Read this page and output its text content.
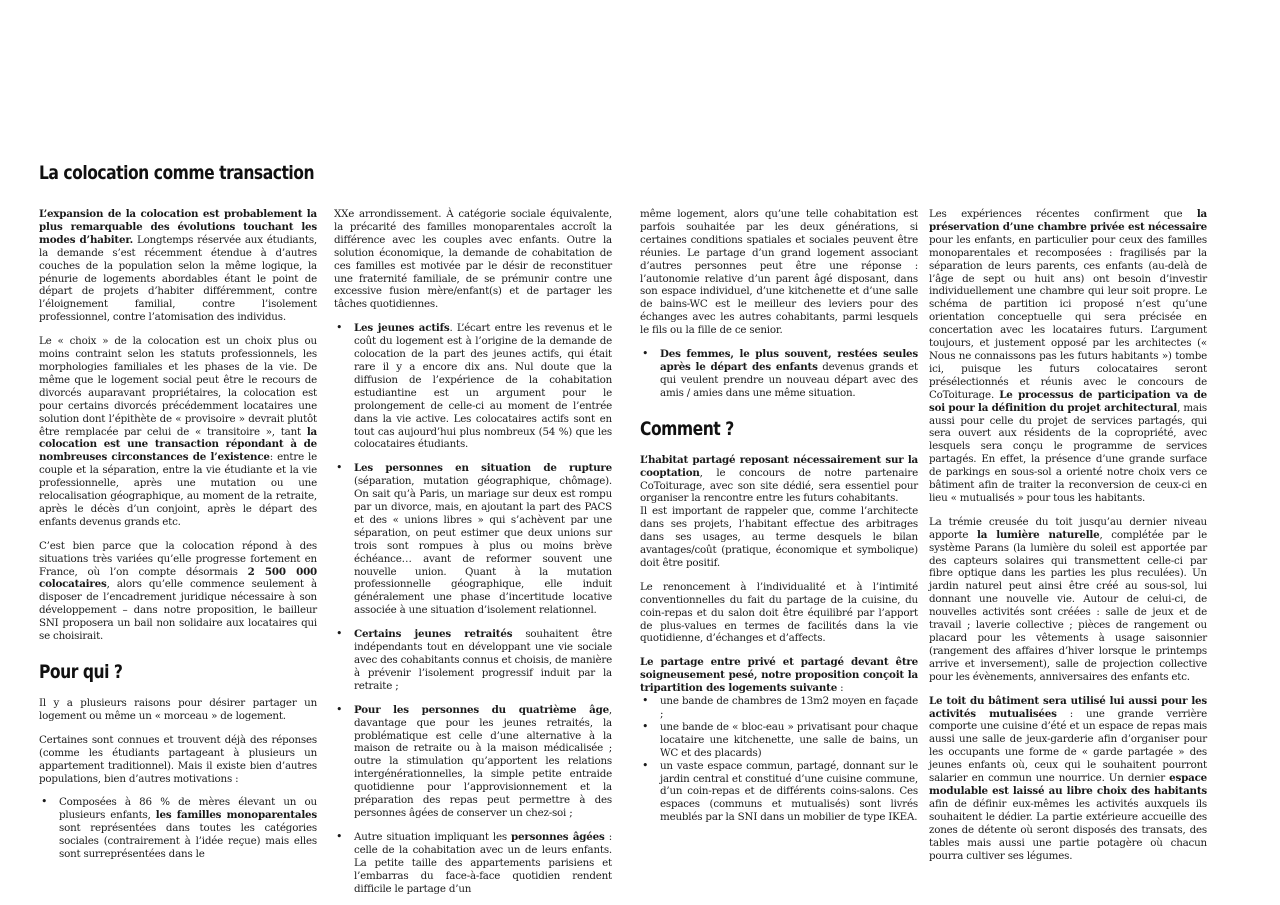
La colocation comme transaction

L’expansion de la colocation est probablement la plus remarquable des évolutions touchant les modes d’habiter. Longtemps réservée aux étudiants, la demande s’est récemment étendue à d’autres couches de la population selon la même logique, la pénurie de logements abordables étant le point de départ de projets d’habiter différemment, contre l’éloignement familial, contre l’isolement professionnel, contre l’atomisation des individus.

Le « choix » de la colocation est un choix plus ou moins contraint selon les statuts professionnels, les morphologies familiales et les phases de la vie. De même que le logement social peut être le recours de divorcés auparavant propriétaires, la colocation est pour certains divorcés précédemment locataires une solution dont l’épithète de « provisoire » devrait plutôt être remplacée par celui de « transitoire », tant la colocation est une transaction répondant à de nombreuses circonstances de l’existence: entre le couple et la séparation, entre la vie étudiante et la vie professionnelle, après une mutation ou une relocalisation géographique, au moment de la retraite, après le décès d’un conjoint, après le départ des enfants devenus grands etc.

C’est bien parce que la colocation répond à des situations très variées qu’elle progresse fortement en France, où l’on compte désormais 2 500 000 colocataires, alors qu’elle commence seulement à disposer de l’encadrement juridique nécessaire à son développement – dans notre proposition, le bailleur SNI proposera un bail non solidaire aux locataires qui se choisirait.

Pour qui ?

Il y a plusieurs raisons pour désirer partager un logement ou même un « morceau » de logement.

Certaines sont connues et trouvent déjà des réponses (comme les étudiants partageant à plusieurs un appartement traditionnel). Mais il existe bien d’autres populations, bien d’autres motivations :

• Composées à 86 % de mères élevant un ou plusieurs enfants, les familles monoparentales sont représentées dans toutes les catégories sociales (contrairement à l’idée reçue) mais elles sont surreprésentées dans le

XXe arrondissement. À catégorie sociale équivalente, la précarité des familles monoparentales accroît la différence avec les couples avec enfants. Outre la solution économique, la demande de cohabitation de ces familles est motivée par le désir de reconstituer une fraternité familiale, de se prémunir contre une excessive fusion mère/enfant(s) et de partager les tâches quotidiennes.

• Les jeunes actifs. L’écart entre les revenus et le coût du logement est à l’origine de la demande de colocation de la part des jeunes actifs, qui était rare il y a encore dix ans. Nul doute que la diffusion de l’expérience de la cohabitation estudiantine est un argument pour le prolongement de celle-ci au moment de l’entrée dans la vie active. Les colocataires actifs sont en tout cas aujourd’hui plus nombreux (54 %) que les colocataires étudiants.
• Les personnes en situation de rupture (séparation, mutation géographique, chômage). On sait qu’à Paris, un mariage sur deux est rompu par un divorce, mais, en ajoutant la part des PACS et des « unions libres » qui s’achèvent par une séparation, on peut estimer que deux unions sur trois sont rompues à plus ou moins brève échéance… avant de reformer souvent une nouvelle union. Quant à la mutation professionnelle géographique, elle induit généralement une phase d’incertitude locative associée à une situation d’isolement relationnel.
• Certains jeunes retraités souhaitent être indépendants tout en développant une vie sociale avec des cohabitants connus et choisis, de manière à prévenir l’isolement progressif induit par la retraite ;
• Pour les personnes du quatrième âge, davantage que pour les jeunes retraités, la problématique est celle d’une alternative à la maison de retraite ou à la maison médicalisée ; outre la stimulation qu’apportent les relations intergénérationnelles, la simple petite entraide quotidienne pour l’approvisionnement et la préparation des repas peut permettre à des personnes âgées de conserver un chez-soi ;
• Autre situation impliquant les personnes âgées : celle de la cohabitation avec un de leurs enfants. La petite taille des appartements parisiens et l’embarras du face-à-face quotidien rendent difficile le partage d’un

même logement, alors qu’une telle cohabitation est parfois souhaitée par les deux générations, si certaines conditions spatiales et sociales peuvent être réunies. Le partage d’un grand logement associant d’autres personnes peut être une réponse : l’autonomie relative d’un parent âgé disposant, dans son espace individuel, d’une kitchenette et d’une salle de bains-WC est le meilleur des leviers pour des échanges avec les autres cohabitants, parmi lesquels le fils ou la fille de ce senior.

• Des femmes, le plus souvent, restées seules après le départ des enfants devenus grands et qui veulent prendre un nouveau départ avec des amis / amies dans une même situation.
Comment ?

L’habitat partagé reposant nécessairement sur la cooptation, le concours de notre partenaire CoToiturage, avec son site dédié, sera essentiel pour organiser la rencontre entre les futurs cohabitants.
Il est important de rappeler que, comme l’architecte dans ses projets, l’habitant effectue des arbitrages dans ses usages, au terme desquels le bilan avantages/coût (pratique, économique et symbolique) doit être positif.

Le renoncement à l’individualité et à l’intimité conventionnelles du fait du partage de la cuisine, du coin-repas et du salon doit être équilibré par l’apport de plus-values en termes de facilités dans la vie quotidienne, d’échanges et d’affects.

Le partage entre privé et partagé devant être soigneusement pesé, notre proposition conçoit la tripartition des logements suivante :

• une bande de chambres de 13m2 moyen en façade ;
• une bande de « bloc-eau » privatisant pour chaque locataire une kitchenette, une salle de bains, un WC et des placards)
• un vaste espace commun, partagé, donnant sur le jardin central et constitué d’une cuisine commune, d’un coin-repas et de différents coins-salons. Ces espaces (communs et mutualisés) sont livrés meublés par la SNI dans un mobilier de type IKEA.

Les expériences récentes confirment que la préservation d’une chambre privée est nécessaire pour les enfants, en particulier pour ceux des familles monoparentales et recomposées : fragilisés par la séparation de leurs parents, ces enfants (au-delà de l’âge de sept ou huit ans) ont besoin d’investir individuellement une chambre qui leur soit propre. Le schéma de partition ici proposé n’est qu’une orientation conceptuelle qui sera précisée en concertation avec les locataires futurs. L’argument toujours, et justement opposé par les architectes (« Nous ne connaissons pas les futurs habitants ») tombe ici, puisque les futurs colocataires seront présélectionnés et réunis avec le concours de CoToiturage. Le processus de participation va de soi pour la définition du projet architectural, mais aussi pour celle du projet de services partagés, qui sera ouvert aux résidents de la copropriété, avec lesquels sera conçu le programme de services partagés. En effet, la présence d’une grande surface de parkings en sous-sol a orienté notre choix vers ce bâtiment afin de traiter la reconversion de ceux-ci en lieu « mutualisés » pour tous les habitants.

La trémie creusée du toit jusqu’au dernier niveau apporte la lumière naturelle, complétée par le système Parans (la lumière du soleil est apportée par des capteurs solaires qui transmettent celle-ci par fibre optique dans les parties les plus reculées). Un jardin naturel peut ainsi être créé au sous-sol, lui donnant une nouvelle vie. Autour de celui-ci, de nouvelles activités sont créées : salle de jeux et de travail ; laverie collective ; pièces de rangement ou placard pour les vêtements à usage saisonnier (rangement des affaires d’hiver lorsque le printemps arrive et inversement), salle de projection collective pour les évènements, anniversaires des enfants etc.

Le toit du bâtiment sera utilisé lui aussi pour les activités mutualisées : une grande verrière comporte une cuisine d’été et un espace de repas mais aussi une salle de jeux-garderie afin d’organiser pour les occupants une forme de « garde partagée » des jeunes enfants où, ceux qui le souhaitent pourront salarier en commun une nourrice. Un dernier espace modulable est laissé au libre choix des habitants afin de définir eux-mêmes les activités auxquels ils souhaitent le dédier. La partie extérieure accueille des zones de détente où seront disposés des transats, des tables mais aussi une partie potagère où chacun pourra cultiver ses légumes.
